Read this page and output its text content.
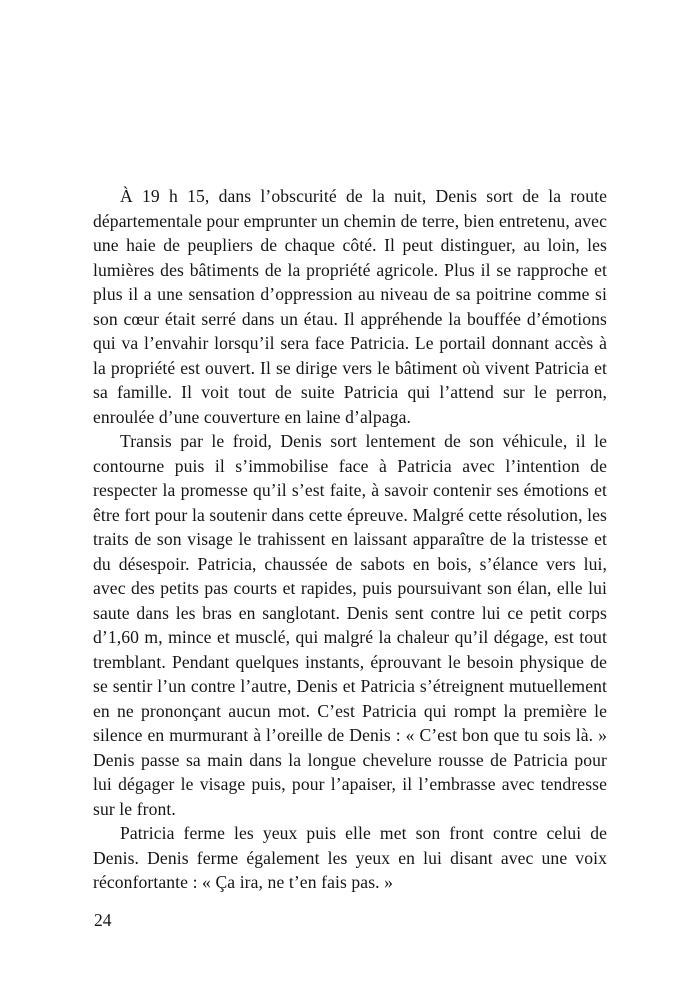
À 19 h 15, dans l’obscurité de la nuit, Denis sort de la route départementale pour emprunter un chemin de terre, bien entretenu, avec une haie de peupliers de chaque côté. Il peut distinguer, au loin, les lumières des bâtiments de la propriété agricole. Plus il se rapproche et plus il a une sensation d’oppression au niveau de sa poitrine comme si son cœur était serré dans un étau. Il appréhende la bouffée d’émotions qui va l’envahir lorsqu’il sera face Patricia. Le portail donnant accès à la propriété est ouvert. Il se dirige vers le bâtiment où vivent Patricia et sa famille. Il voit tout de suite Patricia qui l’attend sur le perron, enroulée d’une couverture en laine d’alpaga.

Transis par le froid, Denis sort lentement de son véhicule, il le contourne puis il s’immobilise face à Patricia avec l’intention de respecter la promesse qu’il s’est faite, à savoir contenir ses émotions et être fort pour la soutenir dans cette épreuve. Malgré cette résolution, les traits de son visage le trahissent en laissant apparaître de la tristesse et du désespoir. Patricia, chaussée de sabots en bois, s’élance vers lui, avec des petits pas courts et rapides, puis poursuivant son élan, elle lui saute dans les bras en sanglotant. Denis sent contre lui ce petit corps d’1,60 m, mince et musclé, qui malgré la chaleur qu’il dégage, est tout tremblant. Pendant quelques instants, éprouvant le besoin physique de se sentir l’un contre l’autre, Denis et Patricia s’étreignent mutuellement en ne prononçant aucun mot. C’est Patricia qui rompt la première le silence en murmurant à l’oreille de Denis : « C’est bon que tu sois là. » Denis passe sa main dans la longue chevelure rousse de Patricia pour lui dégager le visage puis, pour l’apaiser, il l’embrasse avec tendresse sur le front.

Patricia ferme les yeux puis elle met son front contre celui de Denis. Denis ferme également les yeux en lui disant avec une voix réconfortante : « Ça ira, ne t’en fais pas. »

24
